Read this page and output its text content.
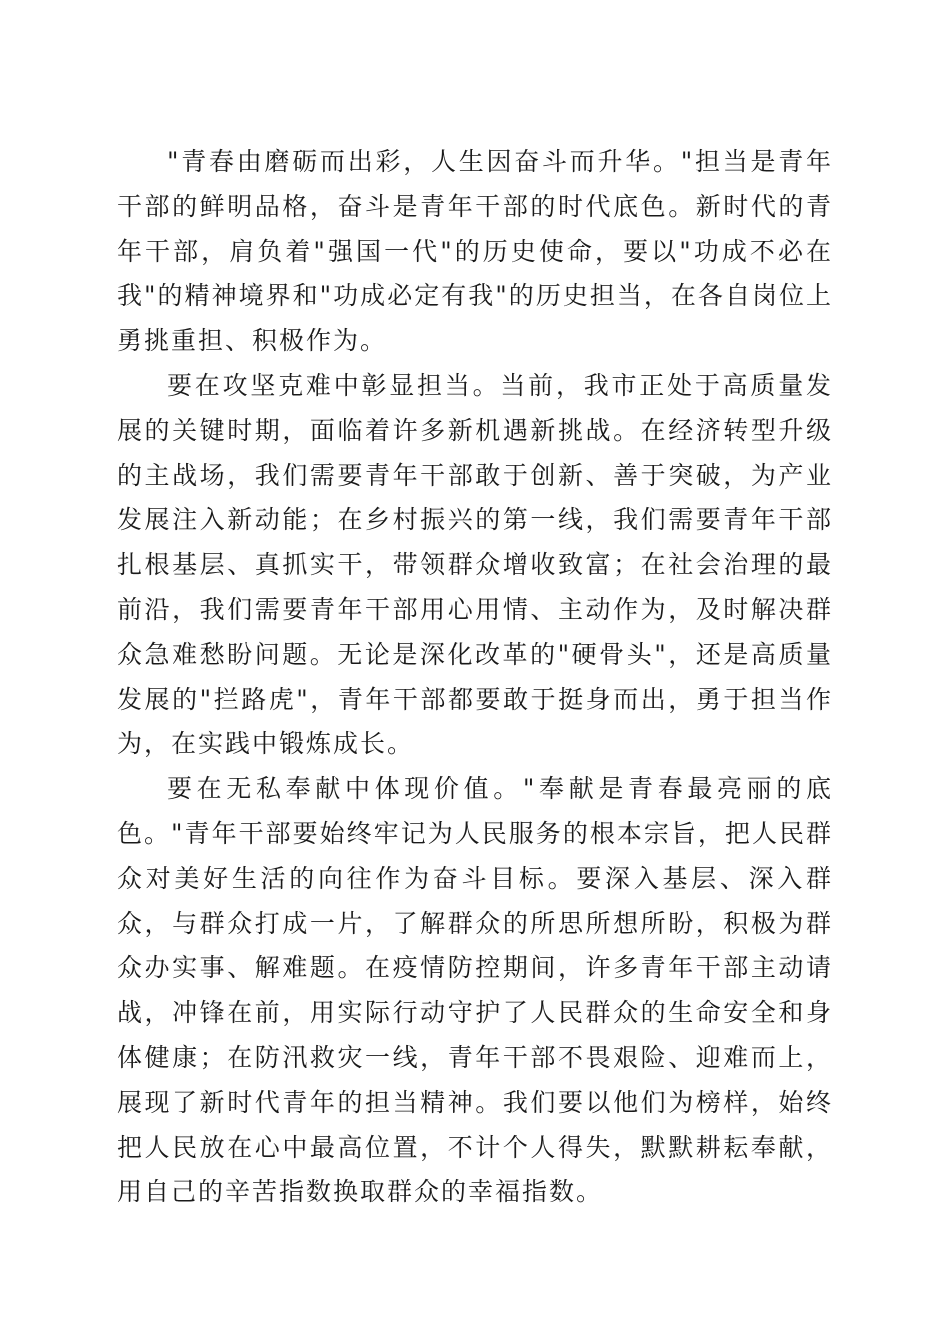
"青春由磨砺而出彩，人生因奋斗而升华。"担当是青年干部的鲜明品格，奋斗是青年干部的时代底色。新时代的青年干部，肩负着"强国一代"的历史使命，要以"功成不必在我"的精神境界和"功成必定有我"的历史担当，在各自岗位上勇挑重担、积极作为。

要在攻坚克难中彰显担当。当前，我市正处于高质量发展的关键时期，面临着许多新机遇新挑战。在经济转型升级的主战场，我们需要青年干部敢于创新、善于突破，为产业发展注入新动能；在乡村振兴的第一线，我们需要青年干部扎根基层、真抓实干，带领群众增收致富；在社会治理的最前沿，我们需要青年干部用心用情、主动作为，及时解决群众急难愁盼问题。无论是深化改革的"硬骨头"，还是高质量发展的"拦路虎"，青年干部都要敢于挺身而出，勇于担当作为，在实践中锻炼成长。

要在无私奉献中体现价值。"奉献是青春最亮丽的底色。"青年干部要始终牢记为人民服务的根本宗旨，把人民群众对美好生活的向往作为奋斗目标。要深入基层、深入群众，与群众打成一片，了解群众的所思所想所盼，积极为群众办实事、解难题。在疫情防控期间，许多青年干部主动请战，冲锋在前，用实际行动守护了人民群众的生命安全和身体健康；在防汛救灾一线，青年干部不畏艰险、迎难而上，展现了新时代青年的担当精神。我们要以他们为榜样，始终把人民放在心中最高位置，不计个人得失，默默耕耘奉献，用自己的辛苦指数换取群众的幸福指数。
